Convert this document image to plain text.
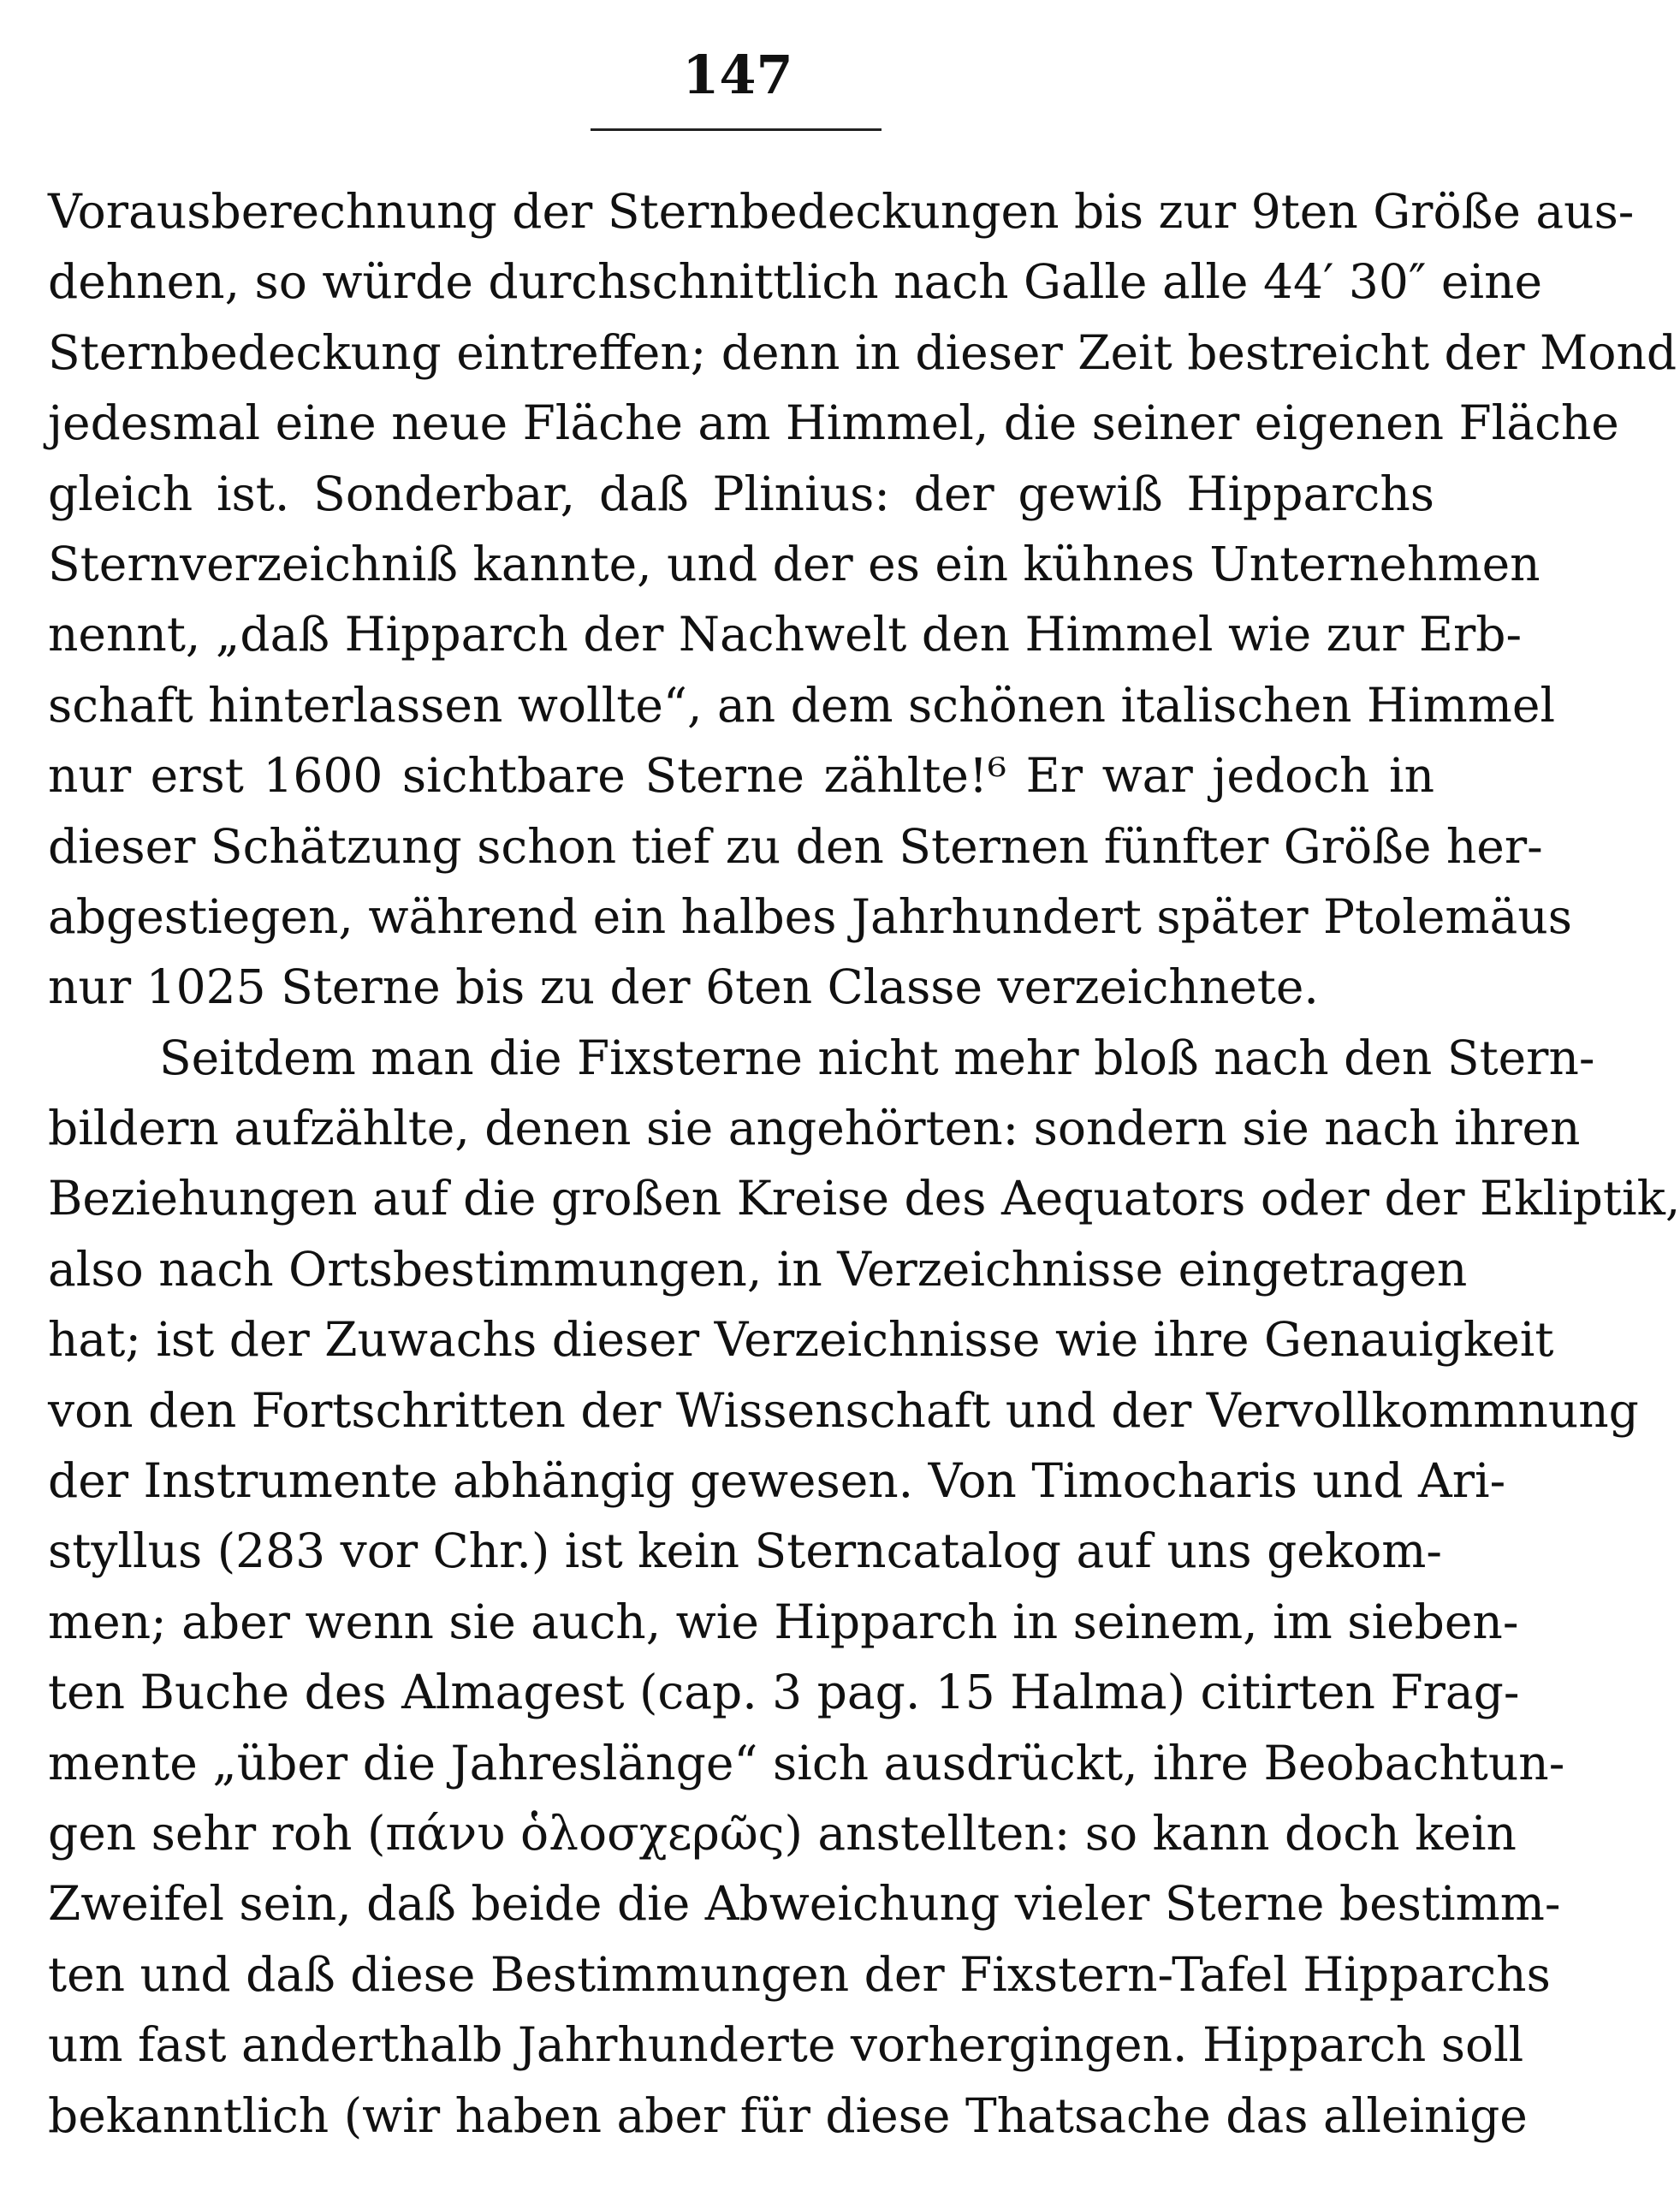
147
Vorausberechnung der Sternbedeckungen bis zur 9ten Größe aus-
dehnen, so würde durchschnittlich nach Galle alle 44′ 30″ eine
Sternbedeckung eintreffen; denn in dieser Zeit bestreicht der Mond
jedesmal eine neue Fläche am Himmel, die seiner eigenen Fläche
gleich ist. Sonderbar, daß Plinius: der gewiß Hipparchs
Sternverzeichniß kannte, und der es ein kühnes Unternehmen
nennt, „daß Hipparch der Nachwelt den Himmel wie zur Erb-
schaft hinterlassen wollte“, an dem schönen italischen Himmel
nur erst 1600 sichtbare Sterne zählte!⁶ Er war jedoch in
dieser Schätzung schon tief zu den Sternen fünfter Größe her-
abgestiegen, während ein halbes Jahrhundert später Ptolemäus
nur 1025 Sterne bis zu der 6ten Classe verzeichnete.
Seitdem man die Fixsterne nicht mehr bloß nach den Stern-
bildern aufzählte, denen sie angehörten: sondern sie nach ihren
Beziehungen auf die großen Kreise des Aequators oder der Ekliptik,
also nach Ortsbestimmungen, in Verzeichnisse eingetragen
hat; ist der Zuwachs dieser Verzeichnisse wie ihre Genauigkeit
von den Fortschritten der Wissenschaft und der Vervollkommnung
der Instrumente abhängig gewesen. Von Timocharis und Ari-
styllus (283 vor Chr.) ist kein Sterncatalog auf uns gekom-
men; aber wenn sie auch, wie Hipparch in seinem, im sieben-
ten Buche des Almagest (cap. 3 pag. 15 Halma) citirten Frag-
mente „über die Jahreslänge“ sich ausdrückt, ihre Beobachtun-
gen sehr roh (πάνυ ὁλοσχερῶς) anstellten: so kann doch kein
Zweifel sein, daß beide die Abweichung vieler Sterne bestimm-
ten und daß diese Bestimmungen der Fixstern-Tafel Hipparchs
um fast anderthalb Jahrhunderte vorhergingen. Hipparch soll
bekanntlich (wir haben aber für diese Thatsache das alleinige
